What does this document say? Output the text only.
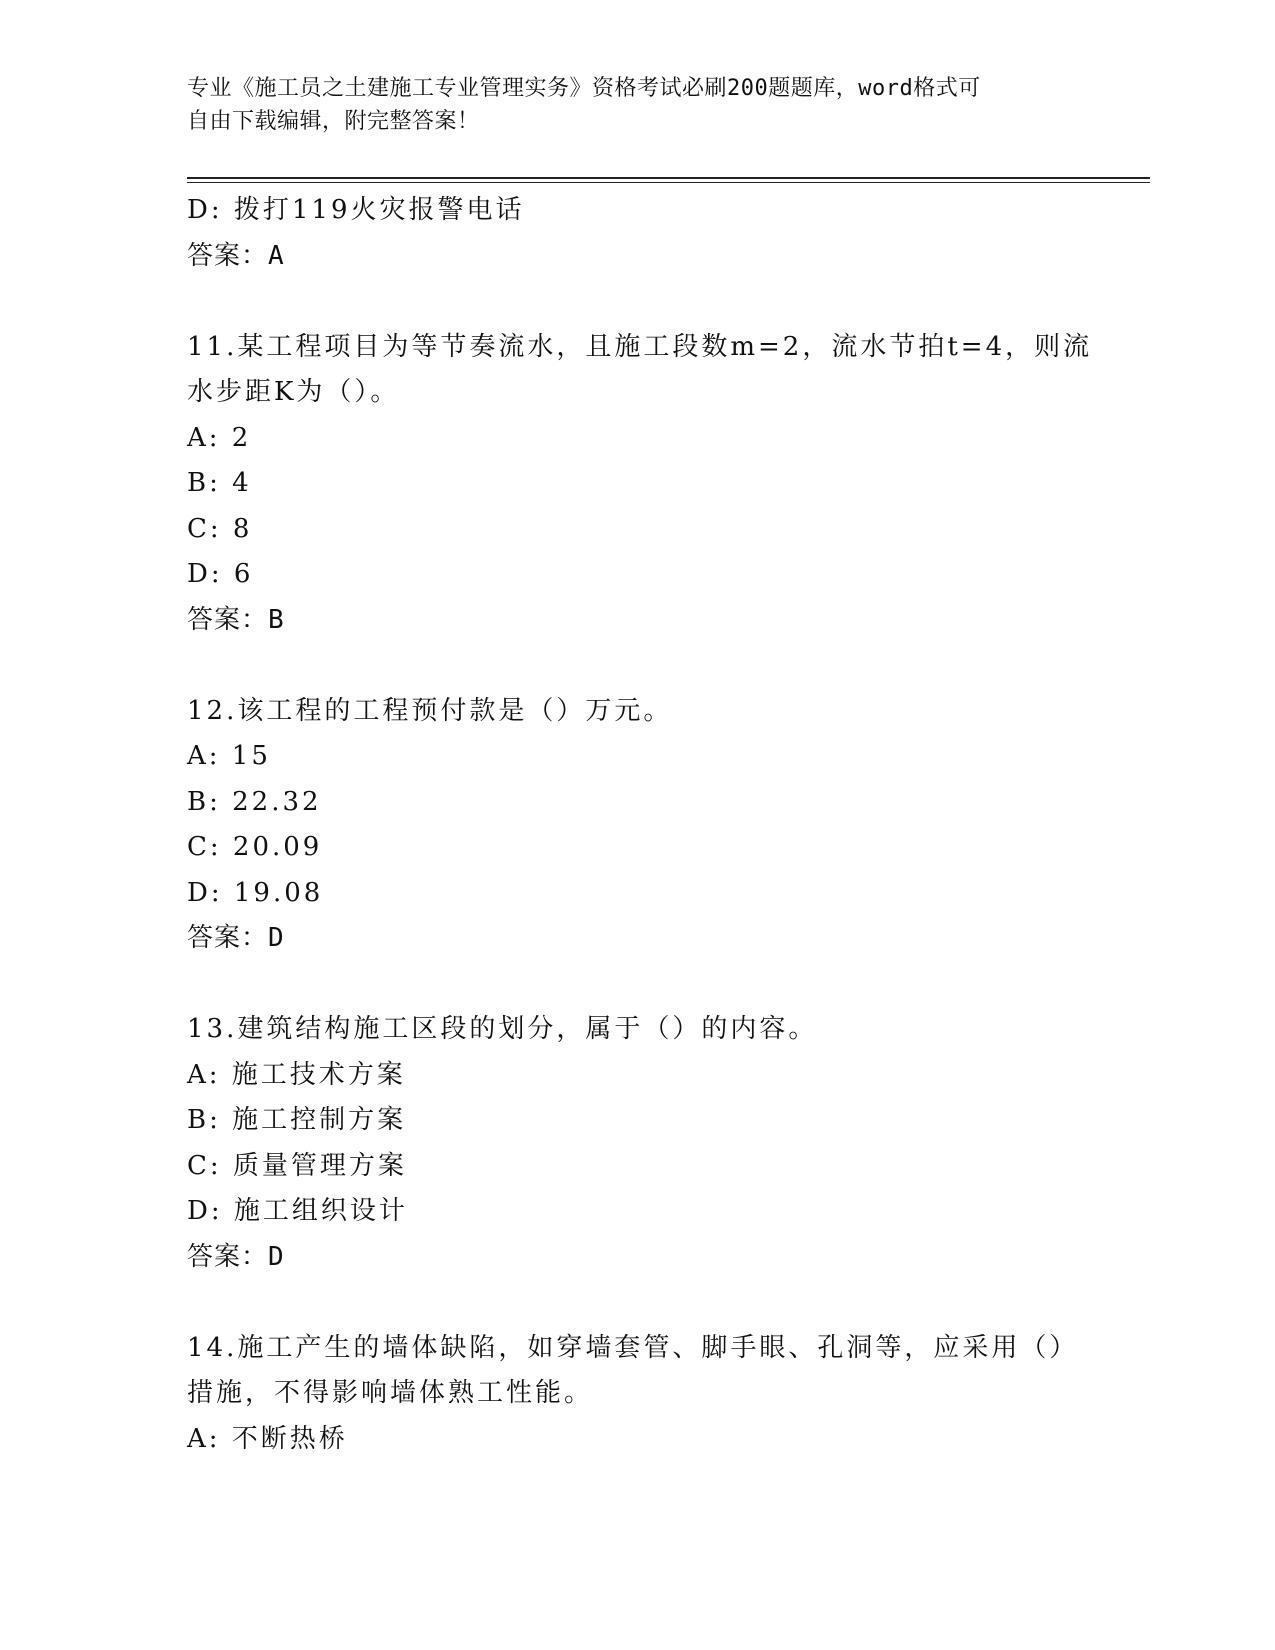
专业《施工员之土建施工专业管理实务》资格考试必刷200题题库，word格式可
自由下载编辑，附完整答案！
D: 拨打119火灾报警电话
答案：A
11.某工程项目为等节奏流水，且施工段数m=2，流水节拍t=4，则流
水步距K为（）。
A: 2
B: 4
C: 8
D: 6
答案：B
12.该工程的工程预付款是（）万元。
A: 15
B: 22.32
C: 20.09
D: 19.08
答案：D
13.建筑结构施工区段的划分，属于（）的内容。
A: 施工技术方案
B: 施工控制方案
C: 质量管理方案
D: 施工组织设计
答案：D
14.施工产生的墙体缺陷，如穿墙套管、脚手眼、孔洞等，应采用（）
措施，不得影响墙体熟工性能。
A: 不断热桥
